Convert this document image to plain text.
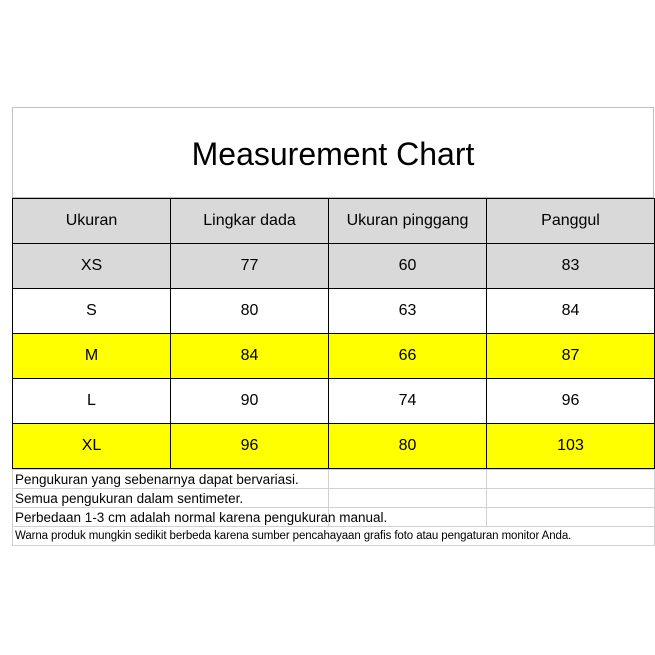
Measurement Chart
Ukuran	Lingkar dada	Ukuran pinggang	Panggul
XS	77	60	83
S	80	63	84
M	84	66	87
L	90	74	96
XL	96	80	103
Pengukuran yang sebenarnya dapat bervariasi.		
Semua pengukuran dalam sentimeter.		
Perbedaan 1-3 cm adalah normal karena pengukuran manual.		
Warna produk mungkin sedikit berbeda karena sumber pencahayaan grafis foto atau pengaturan monitor Anda.		
